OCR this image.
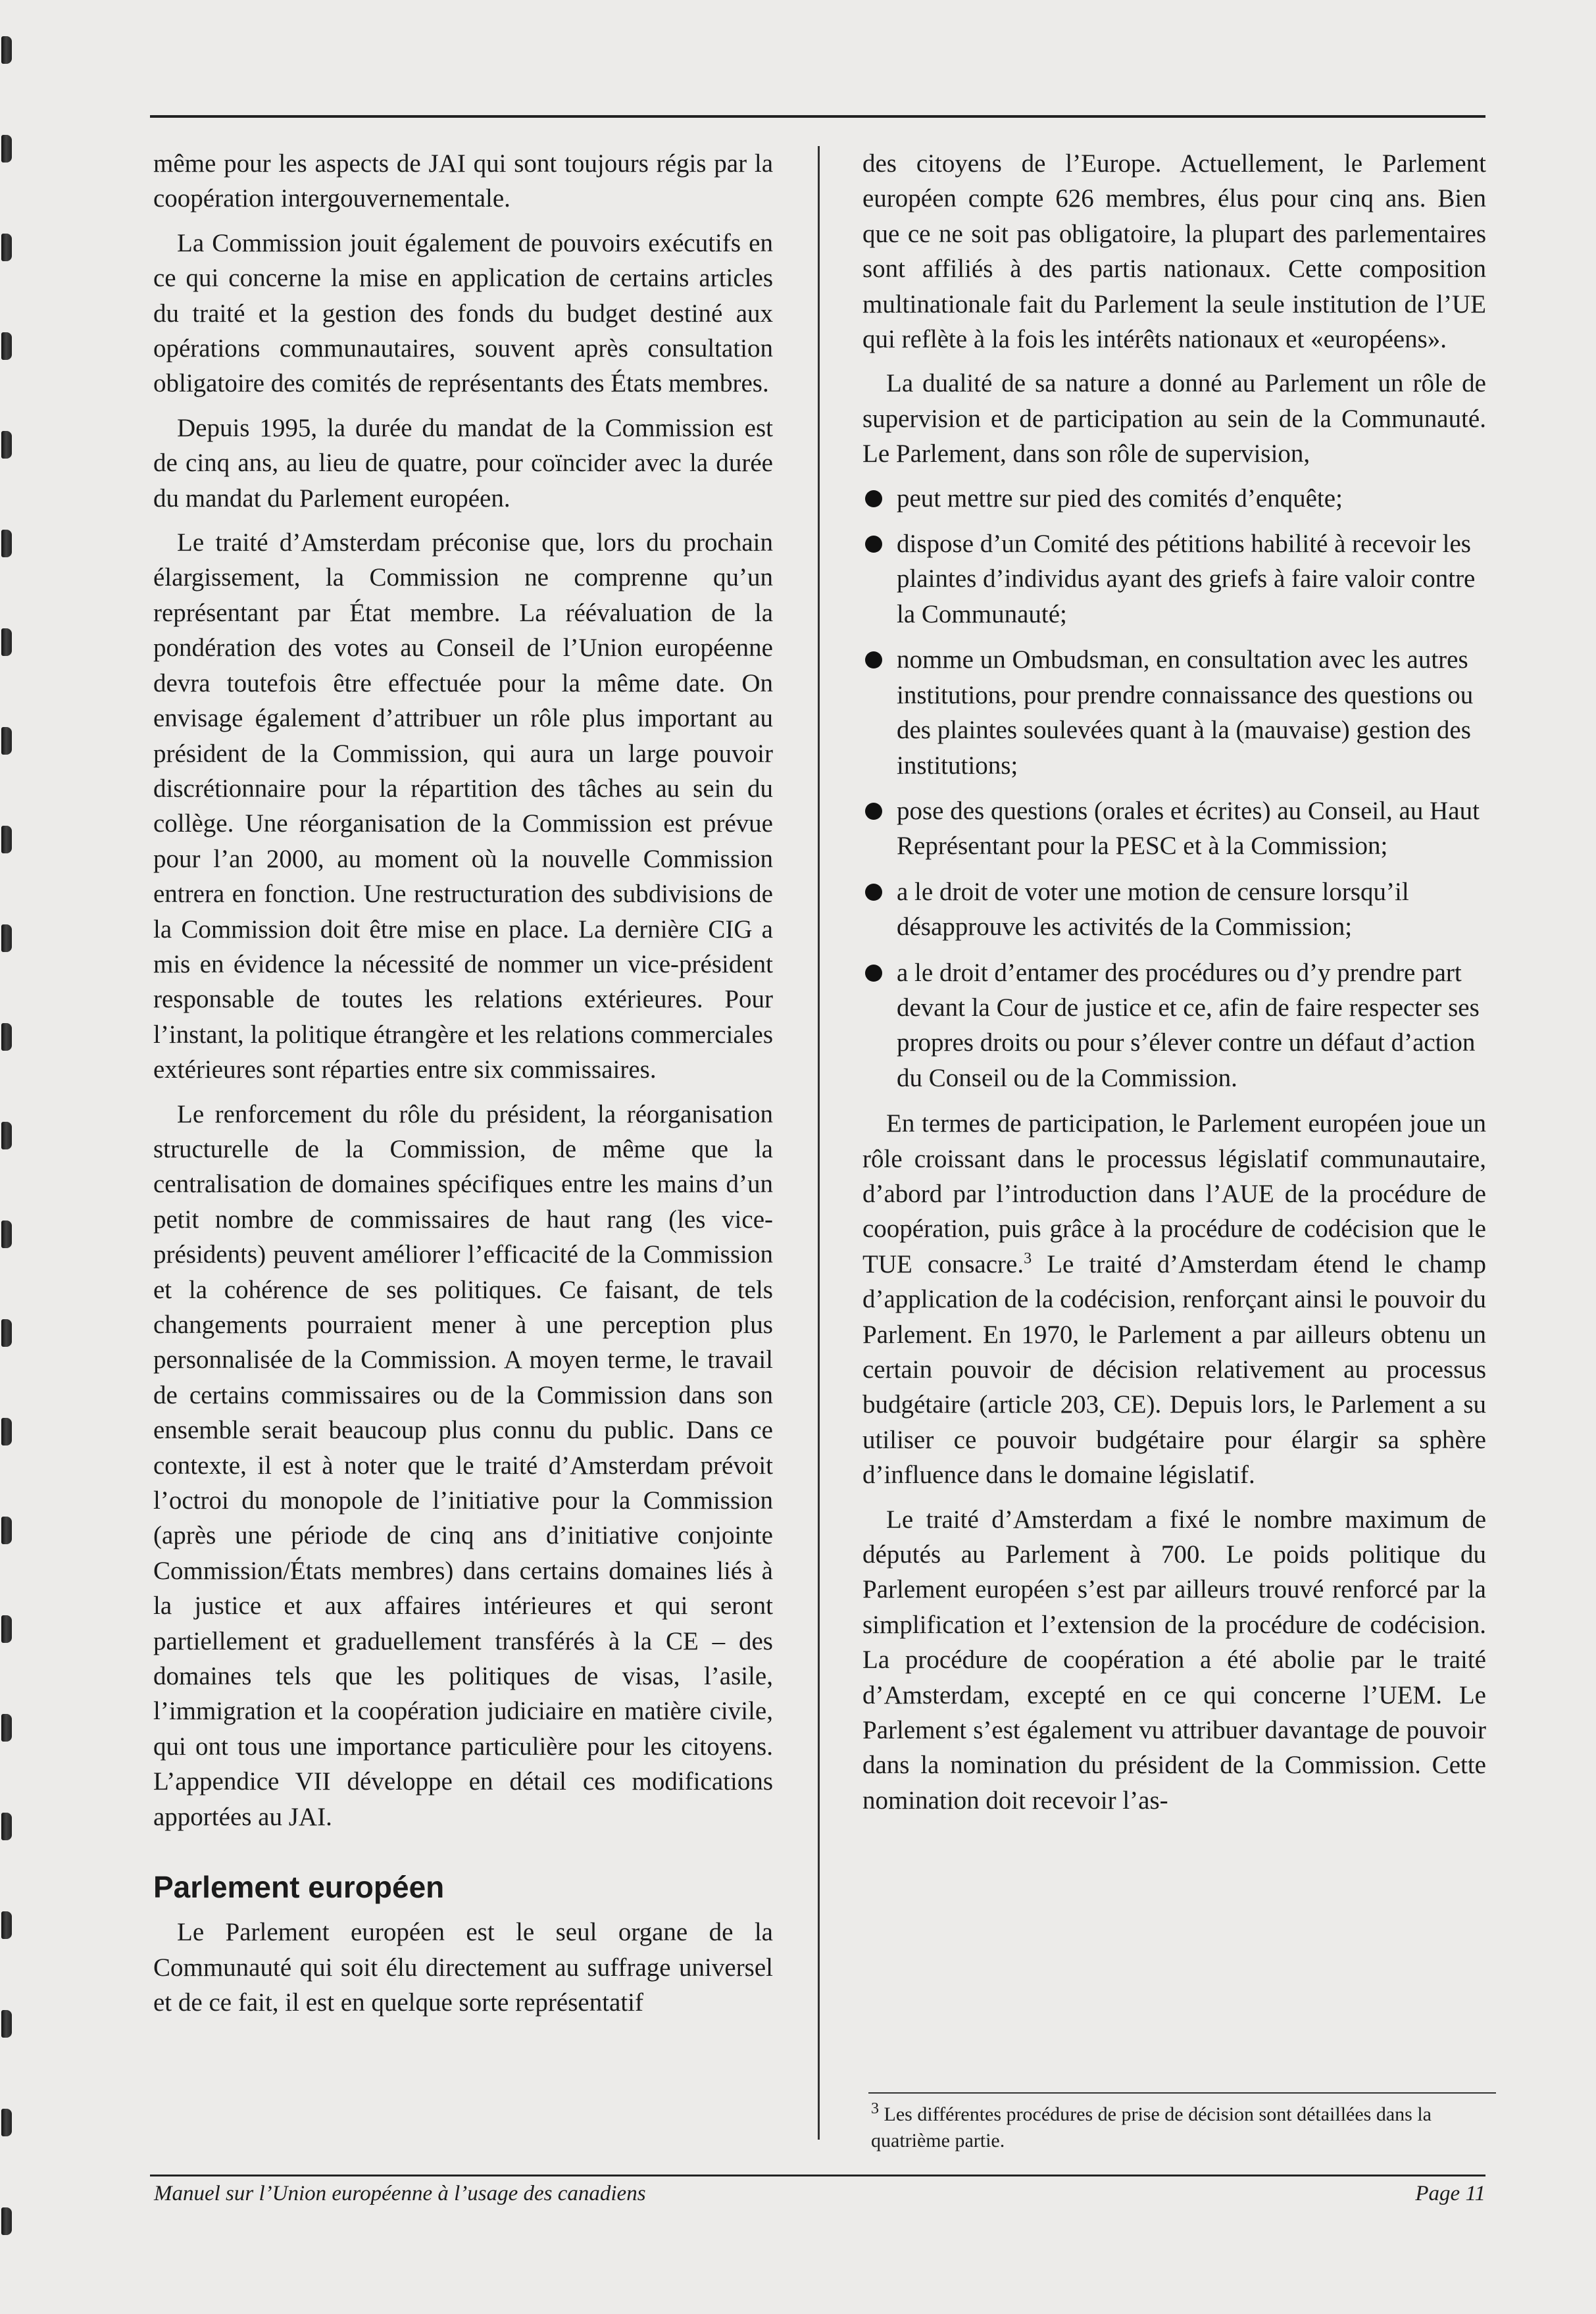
même pour les aspects de JAI qui sont toujours régis par la coopération intergouvernementale.

La Commission jouit également de pouvoirs exécutifs en ce qui concerne la mise en application de certains articles du traité et la gestion des fonds du budget destiné aux opérations communautaires, souvent après consultation obligatoire des comités de représentants des États membres.

Depuis 1995, la durée du mandat de la Commission est de cinq ans, au lieu de quatre, pour coïncider avec la durée du mandat du Parlement européen.

Le traité d’Amsterdam préconise que, lors du prochain élargissement, la Commission ne comprenne qu’un représentant par État membre. La réévaluation de la pondération des votes au Conseil de l’Union européenne devra toutefois être effectuée pour la même date. On envisage également d’attribuer un rôle plus important au président de la Commission, qui aura un large pouvoir discrétionnaire pour la répartition des tâches au sein du collège. Une réorganisation de la Commission est prévue pour l’an 2000, au moment où la nouvelle Commission entrera en fonction. Une restructuration des subdivisions de la Commission doit être mise en place. La dernière CIG a mis en évidence la nécessité de nommer un vice-président responsable de toutes les relations extérieures. Pour l’instant, la politique étrangère et les relations commerciales extérieures sont réparties entre six commissaires.

Le renforcement du rôle du président, la réorganisation structurelle de la Commission, de même que la centralisation de domaines spécifiques entre les mains d’un petit nombre de commissaires de haut rang (les vice-présidents) peuvent améliorer l’efficacité de la Commission et la cohérence de ses politiques. Ce faisant, de tels changements pourraient mener à une perception plus personnalisée de la Commission. A moyen terme, le travail de certains commissaires ou de la Commission dans son ensemble serait beaucoup plus connu du public. Dans ce contexte, il est à noter que le traité d’Amsterdam prévoit l’octroi du monopole de l’initiative pour la Commission (après une période de cinq ans d’initiative conjointe Commission/États membres) dans certains domaines liés à la justice et aux affaires intérieures et qui seront partiellement et graduellement transférés à la CE – des domaines tels que les politiques de visas, l’asile, l’immigration et la coopération judiciaire en matière civile, qui ont tous une importance particulière pour les citoyens. L’appendice VII développe en détail ces modifications apportées au JAI.

Parlement européen

Le Parlement européen est le seul organe de la Communauté qui soit élu directement au suffrage universel et de ce fait, il est en quelque sorte représentatif

des citoyens de l’Europe. Actuellement, le Parlement européen compte 626 membres, élus pour cinq ans. Bien que ce ne soit pas obligatoire, la plupart des parlementaires sont affiliés à des partis nationaux. Cette composition multinationale fait du Parlement la seule institution de l’UE qui reflète à la fois les intérêts nationaux et «européens».

La dualité de sa nature a donné au Parlement un rôle de supervision et de participation au sein de la Communauté. Le Parlement, dans son rôle de supervision,

peut mettre sur pied des comités d’enquête;
dispose d’un Comité des pétitions habilité à recevoir les plaintes d’individus ayant des griefs à faire valoir contre la Communauté;
nomme un Ombudsman, en consultation avec les autres institutions, pour prendre connaissance des questions ou des plaintes soulevées quant à la (mauvaise) gestion des institutions;
pose des questions (orales et écrites) au Conseil, au Haut Représentant pour la PESC et à la Commission;
a le droit de voter une motion de censure lorsqu’il désapprouve les activités de la Commission;
a le droit d’entamer des procédures ou d’y prendre part devant la Cour de justice et ce, afin de faire respecter ses propres droits ou pour s’élever contre un défaut d’action du Conseil ou de la Commission.

En termes de participation, le Parlement européen joue un rôle croissant dans le processus législatif communautaire, d’abord par l’introduction dans l’AUE de la procédure de coopération, puis grâce à la procédure de codécision que le TUE consacre.$^3$ Le traité d’Amsterdam étend le champ d’application de la codécision, renforçant ainsi le pouvoir du Parlement. En 1970, le Parlement a par ailleurs obtenu un certain pouvoir de décision relativement au processus budgétaire (article 203, CE). Depuis lors, le Parlement a su utiliser ce pouvoir budgétaire pour élargir sa sphère d’influence dans le domaine législatif.

Le traité d’Amsterdam a fixé le nombre maximum de députés au Parlement à 700. Le poids politique du Parlement européen s’est par ailleurs trouvé renforcé par la simplification et l’extension de la procédure de codécision. La procédure de coopération a été abolie par le traité d’Amsterdam, excepté en ce qui concerne l’UEM. Le Parlement s’est également vu attribuer davantage de pouvoir dans la nomination du président de la Commission. Cette nomination doit recevoir l’as-

$^3$ Les différentes procédures de prise de décision sont détaillées dans la quatrième partie.
Manuel sur l’Union européenne à l’usage des canadiens	Page 11
